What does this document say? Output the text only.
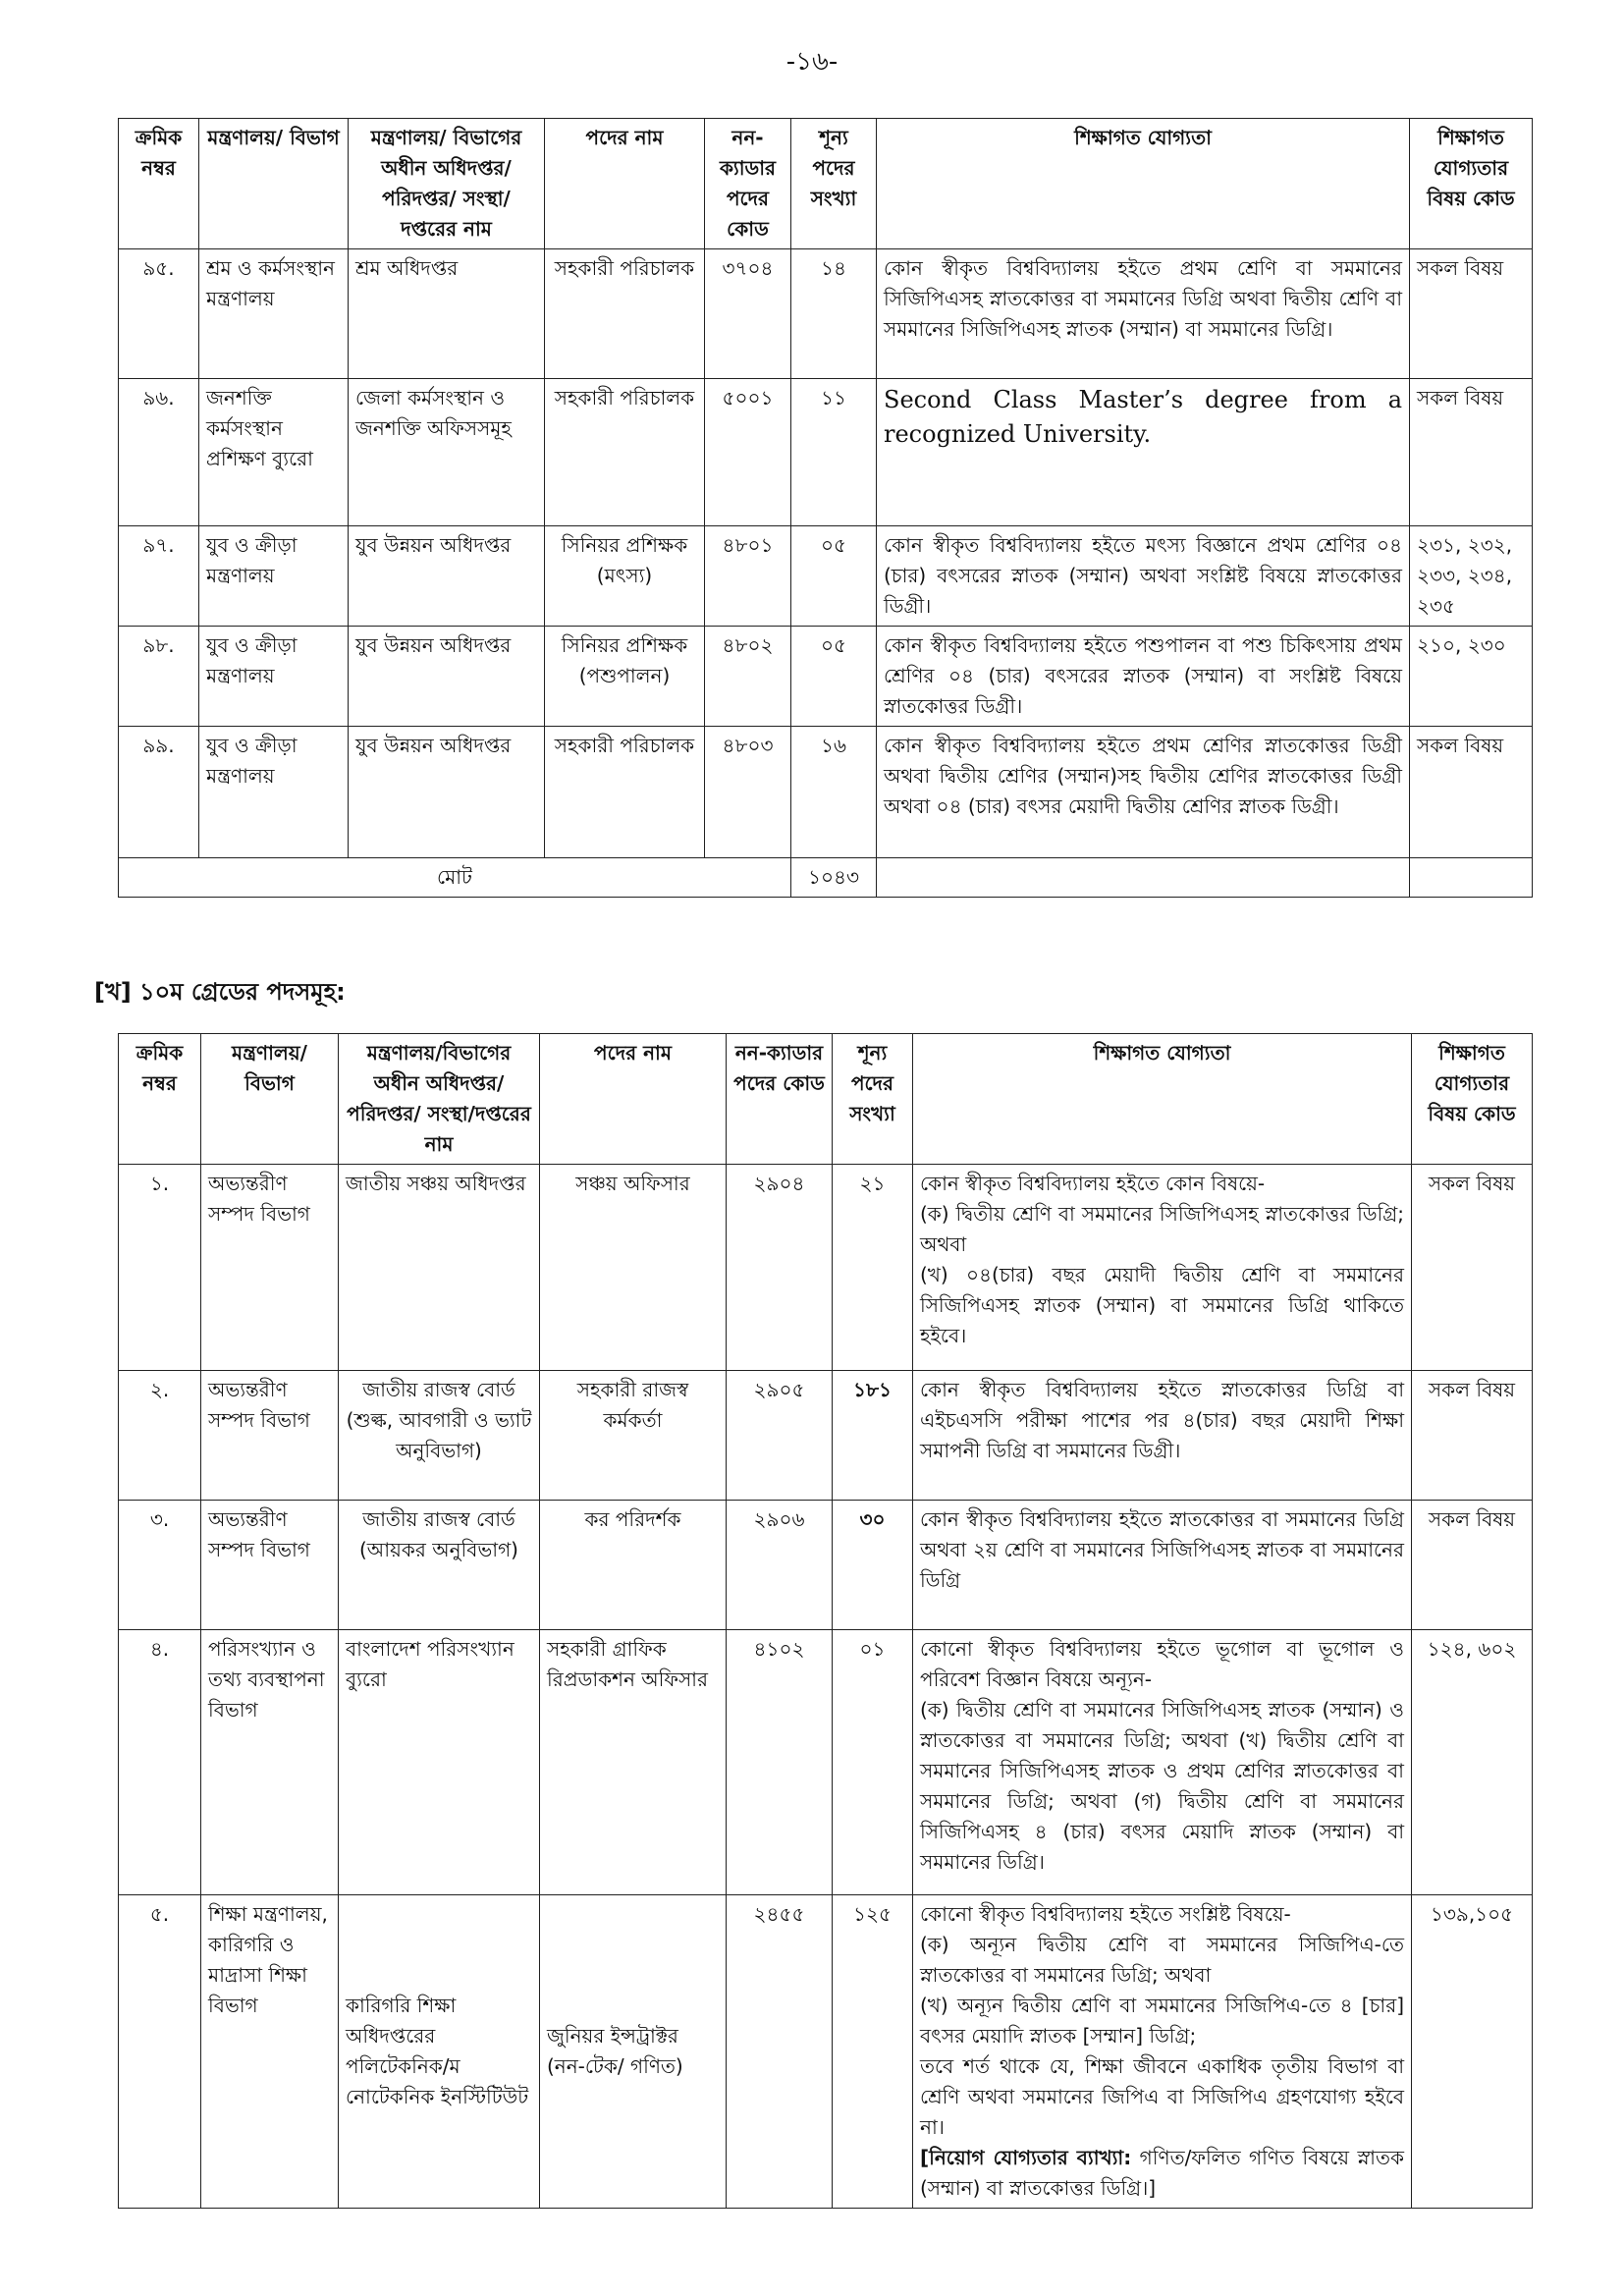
-১৬-
ক্রমিক নম্বর	মন্ত্রণালয়/ বিভাগ	মন্ত্রণালয়/ বিভাগের অধীন অধিদপ্তর/ পরিদপ্তর/ সংস্থা/ দপ্তরের নাম	পদের নাম	নন-ক্যাডার পদের কোড	শূন্য পদের সংখ্যা	শিক্ষাগত যোগ্যতা	শিক্ষাগত যোগ্যতার বিষয় কোড
৯৫.	শ্রম ও কর্মসংস্থান মন্ত্রণালয়	শ্রম অধিদপ্তর	সহকারী পরিচালক	৩৭০৪	১৪	কোন স্বীকৃত বিশ্ববিদ্যালয় হইতে প্রথম শ্রেণি বা সমমানের সিজিপিএসহ স্নাতকোত্তর বা সমমানের ডিগ্রি অথবা দ্বিতীয় শ্রেণি বা সমমানের সিজিপিএসহ স্নাতক (সম্মান) বা সমমানের ডিগ্রি।	সকল বিষয়
৯৬.	জনশক্তি কর্মসংস্থান প্রশিক্ষণ ব্যুরো	জেলা কর্মসংস্থান ও জনশক্তি অফিসসমূহ	সহকারী পরিচালক	৫০০১	১১	Second Class Master’s degree from a recognized University.	সকল বিষয়
৯৭.	যুব ও ক্রীড়া মন্ত্রণালয়	যুব উন্নয়ন অধিদপ্তর	সিনিয়র প্রশিক্ষক (মৎস্য)	৪৮০১	০৫	কোন স্বীকৃত বিশ্ববিদ্যালয় হইতে মৎস্য বিজ্ঞানে প্রথম শ্রেণির ০৪ (চার) বৎসরের স্নাতক (সম্মান) অথবা সংশ্লিষ্ট বিষয়ে স্নাতকোত্তর ডিগ্রী।	২৩১, ২৩২, ২৩৩, ২৩৪, ২৩৫
৯৮.	যুব ও ক্রীড়া মন্ত্রণালয়	যুব উন্নয়ন অধিদপ্তর	সিনিয়র প্রশিক্ষক (পশুপালন)	৪৮০২	০৫	কোন স্বীকৃত বিশ্ববিদ্যালয় হইতে পশুপালন বা পশু চিকিৎসায় প্রথম শ্রেণির ০৪ (চার) বৎসরের স্নাতক (সম্মান) বা সংশ্লিষ্ট বিষয়ে স্নাতকোত্তর ডিগ্রী।	২১০, ২৩০
৯৯.	যুব ও ক্রীড়া মন্ত্রণালয়	যুব উন্নয়ন অধিদপ্তর	সহকারী পরিচালক	৪৮০৩	১৬	কোন স্বীকৃত বিশ্ববিদ্যালয় হইতে প্রথম শ্রেণির স্নাতকোত্তর ডিগ্রী অথবা দ্বিতীয় শ্রেণির (সম্মান)সহ দ্বিতীয় শ্রেণির স্নাতকোত্তর ডিগ্রী অথবা ০৪ (চার) বৎসর মেয়াদী দ্বিতীয় শ্রেণির স্নাতক ডিগ্রী।	সকল বিষয়
মোট					১০৪৩		
[খ] ১০ম গ্রেডের পদসমূহ:
ক্রমিক নম্বর	মন্ত্রণালয়/ বিভাগ	মন্ত্রণালয়/বিভাগের অধীন অধিদপ্তর/ পরিদপ্তর/ সংস্থা/দপ্তরের নাম	পদের নাম	নন-ক্যাডার পদের কোড	শূন্য পদের সংখ্যা	শিক্ষাগত যোগ্যতা	শিক্ষাগত যোগ্যতার বিষয় কোড
১.	অভ্যন্তরীণ সম্পদ বিভাগ	জাতীয় সঞ্চয় অধিদপ্তর	সঞ্চয় অফিসার	২৯০৪	২১	কোন স্বীকৃত বিশ্ববিদ্যালয় হইতে কোন বিষয়ে-
(ক) দ্বিতীয় শ্রেণি বা সমমানের সিজিপিএসহ স্নাতকোত্তর ডিগ্রি; অথবা
(খ) ০৪(চার) বছর মেয়াদী দ্বিতীয় শ্রেণি বা সমমানের সিজিপিএসহ স্নাতক (সম্মান) বা সমমানের ডিগ্রি থাকিতে হইবে।	সকল বিষয়
২.	অভ্যন্তরীণ সম্পদ বিভাগ	জাতীয় রাজস্ব বোর্ড (শুল্ক, আবগারী ও ভ্যাট অনুবিভাগ)	সহকারী রাজস্ব কর্মকর্তা	২৯০৫	১৮১	কোন স্বীকৃত বিশ্ববিদ্যালয় হইতে স্নাতকোত্তর ডিগ্রি বা এইচএসসি পরীক্ষা পাশের পর ৪(চার) বছর মেয়াদী শিক্ষা সমাপনী ডিগ্রি বা সমমানের ডিগ্রী।	সকল বিষয়
৩.	অভ্যন্তরীণ সম্পদ বিভাগ	জাতীয় রাজস্ব বোর্ড (আয়কর অনুবিভাগ)	কর পরিদর্শক	২৯০৬	৩০	কোন স্বীকৃত বিশ্ববিদ্যালয় হইতে স্নাতকোত্তর বা সমমানের ডিগ্রি অথবা ২য় শ্রেণি বা সমমানের সিজিপিএসহ স্নাতক বা সমমানের ডিগ্রি	সকল বিষয়
৪.	পরিসংখ্যান ও তথ্য ব্যবস্থাপনা বিভাগ	বাংলাদেশ পরিসংখ্যান ব্যুরো	সহকারী গ্রাফিক রিপ্রডাকশন অফিসার	৪১০২	০১	কোনো স্বীকৃত বিশ্ববিদ্যালয় হইতে ভূগোল বা ভূগোল ও পরিবেশ বিজ্ঞান বিষয়ে অন্যূন-
(ক) দ্বিতীয় শ্রেণি বা সমমানের সিজিপিএসহ স্নাতক (সম্মান) ও স্নাতকোত্তর বা সমমানের ডিগ্রি; অথবা (খ) দ্বিতীয় শ্রেণি বা সমমানের সিজিপিএসহ স্নাতক ও প্রথম শ্রেণির স্নাতকোত্তর বা সমমানের ডিগ্রি; অথবা (গ) দ্বিতীয় শ্রেণি বা সমমানের সিজিপিএসহ ৪ (চার) বৎসর মেয়াদি স্নাতক (সম্মান) বা সমমানের ডিগ্রি।	১২৪, ৬০২
৫.	শিক্ষা মন্ত্রণালয়, কারিগরি ও মাদ্রাসা শিক্ষা বিভাগ	কারিগরি শিক্ষা অধিদপ্তরের পলিটেকনিক/ম নোটেকনিক ইনস্টিটিউট	জুনিয়র ইন্সট্রাক্টর (নন-টেক/ গণিত)	২৪৫৫	১২৫	কোনো স্বীকৃত বিশ্ববিদ্যালয় হইতে সংশ্লিষ্ট বিষয়ে-
(ক) অন্যূন দ্বিতীয় শ্রেণি বা সমমানের সিজিপিএ-তে স্নাতকোত্তর বা সমমানের ডিগ্রি; অথবা
(খ) অন্যূন দ্বিতীয় শ্রেণি বা সমমানের সিজিপিএ-তে ৪ [চার] বৎসর মেয়াদি স্নাতক [সম্মান] ডিগ্রি;
তবে শর্ত থাকে যে, শিক্ষা জীবনে একাধিক তৃতীয় বিভাগ বা শ্রেণি অথবা সমমানের জিপিএ বা সিজিপিএ গ্রহণযোগ্য হইবে না।
[নিয়োগ যোগ্যতার ব্যাখ্যা: গণিত/ফলিত গণিত বিষয়ে স্নাতক (সম্মান) বা স্নাতকোত্তর ডিগ্রি।]	১৩৯,১০৫
